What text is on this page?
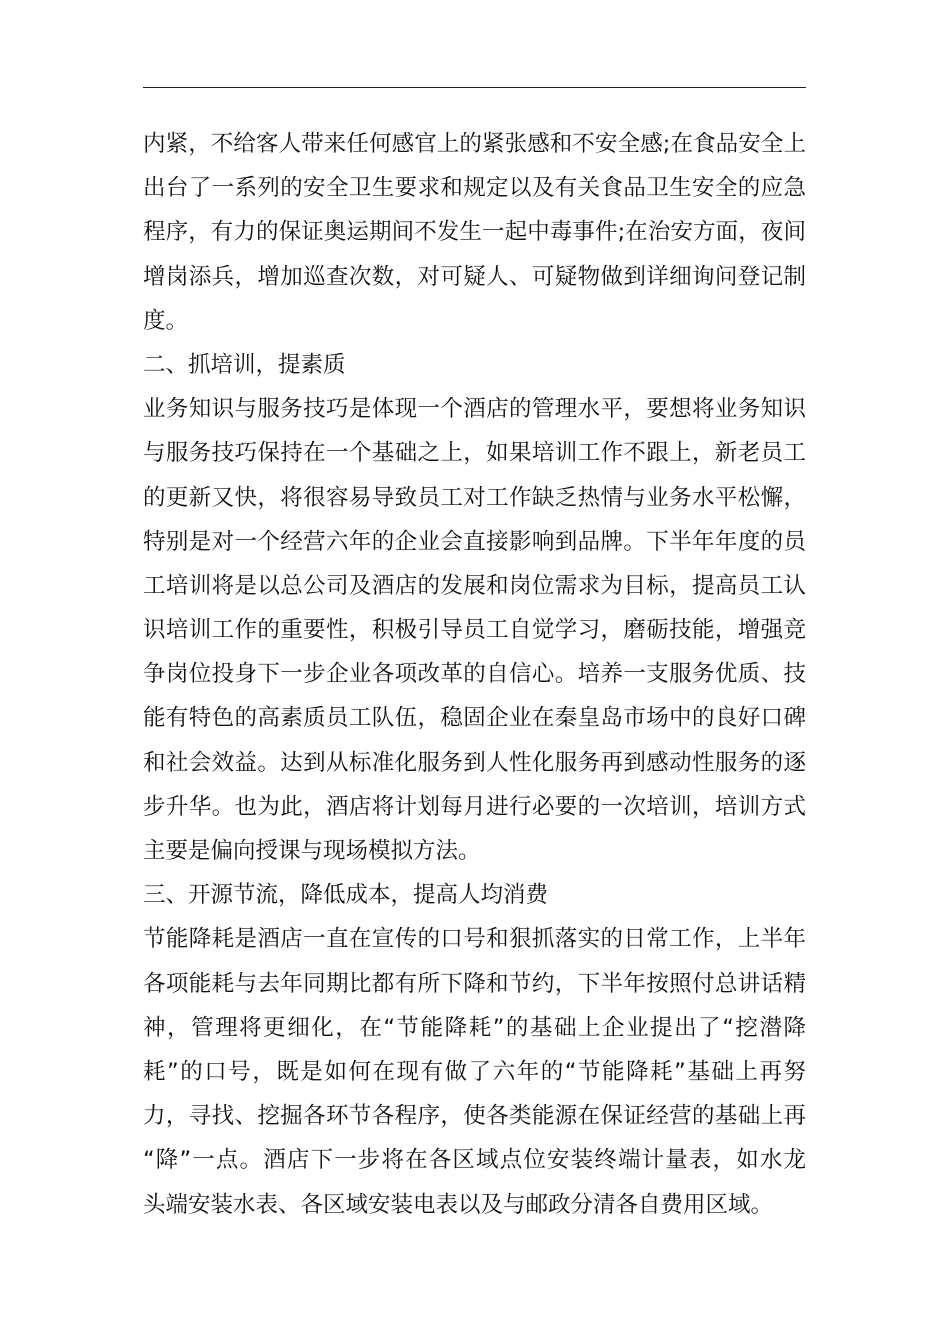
内紧，不给客人带来任何感官上的紧张感和不安全感;在食品安全上
出台了一系列的安全卫生要求和规定以及有关食品卫生安全的应急
程序，有力的保证奥运期间不发生一起中毒事件;在治安方面，夜间
增岗添兵，增加巡查次数，对可疑人、可疑物做到详细询问登记制
度。
二、抓培训，提素质
业务知识与服务技巧是体现一个酒店的管理水平，要想将业务知识
与服务技巧保持在一个基础之上，如果培训工作不跟上，新老员工
的更新又快，将很容易导致员工对工作缺乏热情与业务水平松懈，
特别是对一个经营六年的企业会直接影响到品牌。下半年年度的员
工培训将是以总公司及酒店的发展和岗位需求为目标，提高员工认
识培训工作的重要性，积极引导员工自觉学习，磨砺技能，增强竞
争岗位投身下一步企业各项改革的自信心。培养一支服务优质、技
能有特色的高素质员工队伍，稳固企业在秦皇岛市场中的良好口碑
和社会效益。达到从标准化服务到人性化服务再到感动性服务的逐
步升华。也为此，酒店将计划每月进行必要的一次培训，培训方式
主要是偏向授课与现场模拟方法。
三、开源节流，降低成本，提高人均消费
节能降耗是酒店一直在宣传的口号和狠抓落实的日常工作，上半年
各项能耗与去年同期比都有所下降和节约，下半年按照付总讲话精
神，管理将更细化，在“节能降耗”的基础上企业提出了“挖潜降
耗”的口号，既是如何在现有做了六年的“节能降耗”基础上再努
力，寻找、挖掘各环节各程序，使各类能源在保证经营的基础上再
“降”一点。酒店下一步将在各区域点位安装终端计量表，如水龙
头端安装水表、各区域安装电表以及与邮政分清各自费用区域。
